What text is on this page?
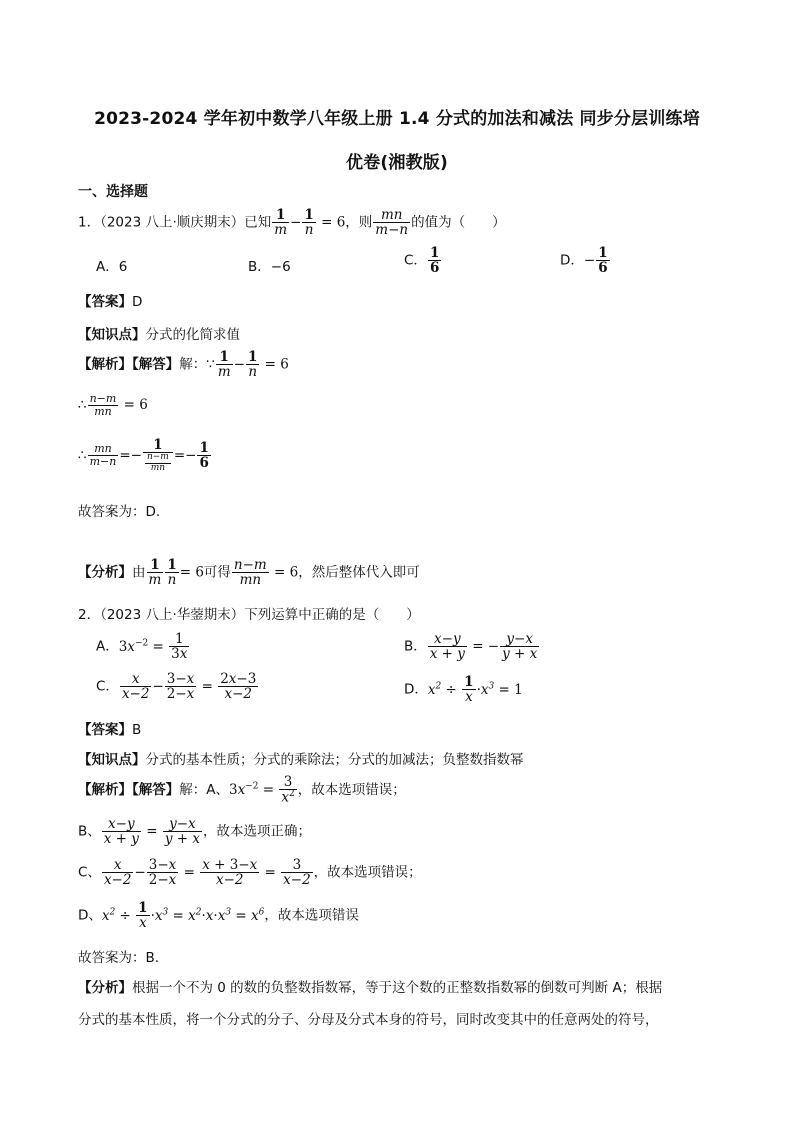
2023-2024 学年初中数学八年级上册 1.4 分式的加法和减法 同步分层训练培
优卷(湘教版)
一、选择题
1．（2023 八上·顺庆期末）已知 $\frac{1}{m} - \frac{1}{n} = 6$，则 $\frac{mn}{m-n}$ 的值为（　　）
A．6	B．−6	C． $\frac{1}{6}$	D．− $\frac{1}{6}$
【答案】D
【知识点】分式的化简求值
【解析】【解答】解：∵ $\frac{1}{m} - \frac{1}{n} = 6$
∴ $\frac{n-m}{mn} = 6$
∴ $\frac{mn}{m-n} =- 1$
n−m
mn =− $\frac{1}{6}$
故答案为：D.
【分析】由 $\frac{1}{m} \frac{1}{n} = 6$可得 $\frac{n-m}{mn} = 6$，然后整体代入即可
2．（2023 八上·华蓥期末）下列运算中正确的是（　　）
A．$3x^{-2} = \frac{1}{3x}$	B． $\frac{x-y}{x + y}$ = − $\frac{y-x}{y + x}$
C． $\frac{x}{x-2} - \frac{3-x}{2-x} = \frac{2x-3}{x-2}$	D．$x^2 \div \frac{1}{x} \cdot x^3 = 1$
【答案】B
【知识点】分式的基本性质；分式的乘除法；分式的加减法；负整数指数幂
【解析】【解答】解：A、$3x^{-2} = \frac{3}{x^2}$ ，故本选项错误；
B、 $\frac{x-y}{x + y} = \frac{y-x}{y + x}$ ，故本选项正确；
C、 $\frac{x}{x-2} - \frac{3-x}{2-x} = \frac{x + 3-x}{x-2} = \frac{3}{x-2}$ ，故本选项错误；
D、$x^2 \div \frac{1}{x} \cdot x^3 = x^2\cdot x\cdot x^3 = x^6$，故本选项错误
故答案为：B.
【分析】根据一个不为 0 的数的负整数指数幂，等于这个数的正整数指数幂的倒数可判断 A；根据
分式的基本性质，将一个分式的分子、分母及分式本身的符号，同时改变其中的任意两处的符号，
